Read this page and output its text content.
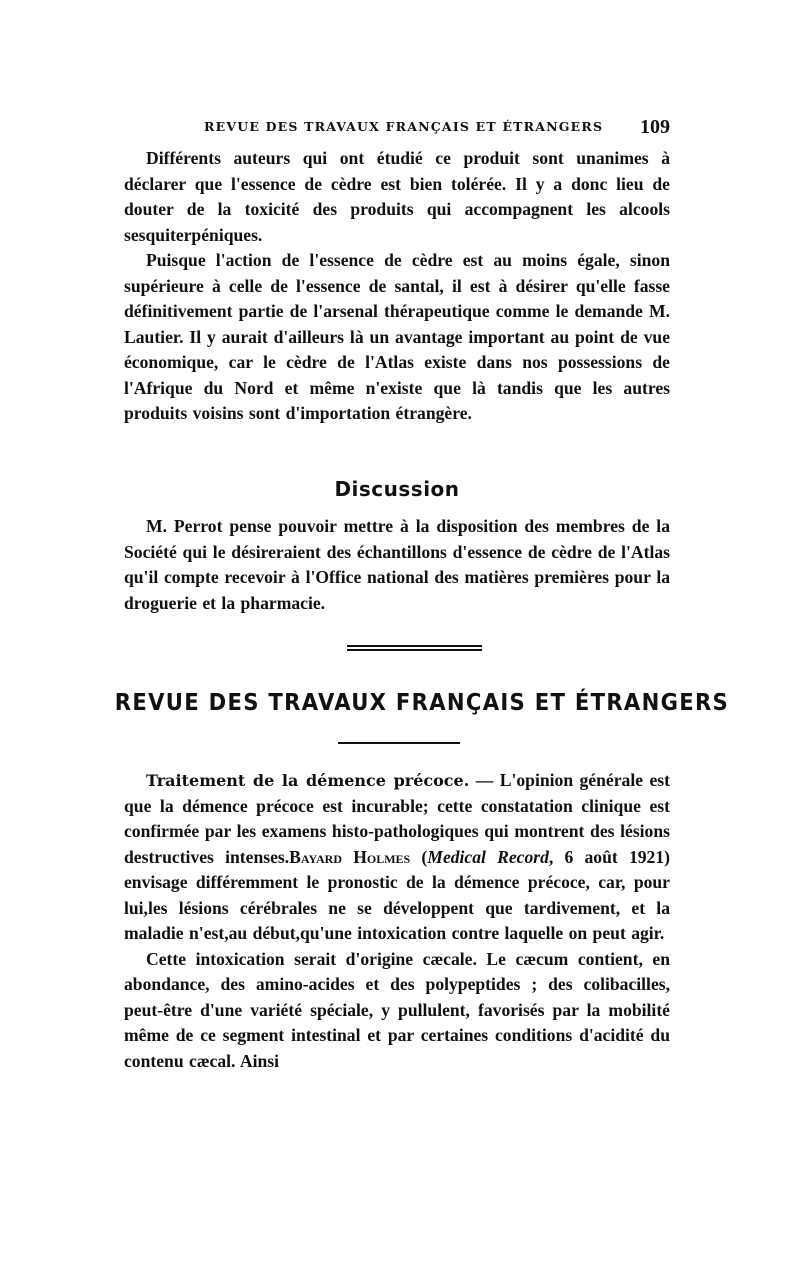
REVUE DES TRAVAUX FRANÇAIS ET ÉTRANGERS 109

Différents auteurs qui ont étudié ce produit sont unanimes à déclarer que l'essence de cèdre est bien tolérée. Il y a donc lieu de douter de la toxicité des produits qui accompagnent les alcools sesquiterpéniques.

Puisque l'action de l'essence de cèdre est au moins égale, sinon supérieure à celle de l'essence de santal, il est à désirer qu'elle fasse définitivement partie de l'arsenal thérapeutique comme le demande M. Lautier. Il y aurait d'ailleurs là un avantage important au point de vue économique, car le cèdre de l'Atlas existe dans nos possessions de l'Afrique du Nord et même n'existe que là tandis que les autres produits voisins sont d'importation étrangère.

Discussion

M. Perrot pense pouvoir mettre à la disposition des membres de la Société qui le désireraient des échantillons d'essence de cèdre de l'Atlas qu'il compte recevoir à l'Office national des matières premières pour la droguerie et la pharmacie.

REVUE DES TRAVAUX FRANÇAIS ET ÉTRANGERS

Traitement de la démence précoce. — L'opinion générale est que la démence précoce est incurable; cette constatation clinique est confirmée par les examens histo-pathologiques qui montrent des lésions destructives intenses.Bayard Holmes (Medical Record, 6 août 1921) envisage différemment le pronostic de la démence précoce, car, pour lui,les lésions cérébrales ne se développent que tardivement, et la maladie n'est,au début,qu'une intoxication contre laquelle on peut agir.

Cette intoxication serait d'origine cæcale. Le cæcum contient, en abondance, des amino-acides et des polypeptides ; des colibacilles, peut-être d'une variété spéciale, y pullulent, favorisés par la mobilité même de ce segment intestinal et par certaines conditions d'acidité du contenu cæcal. Ainsi
